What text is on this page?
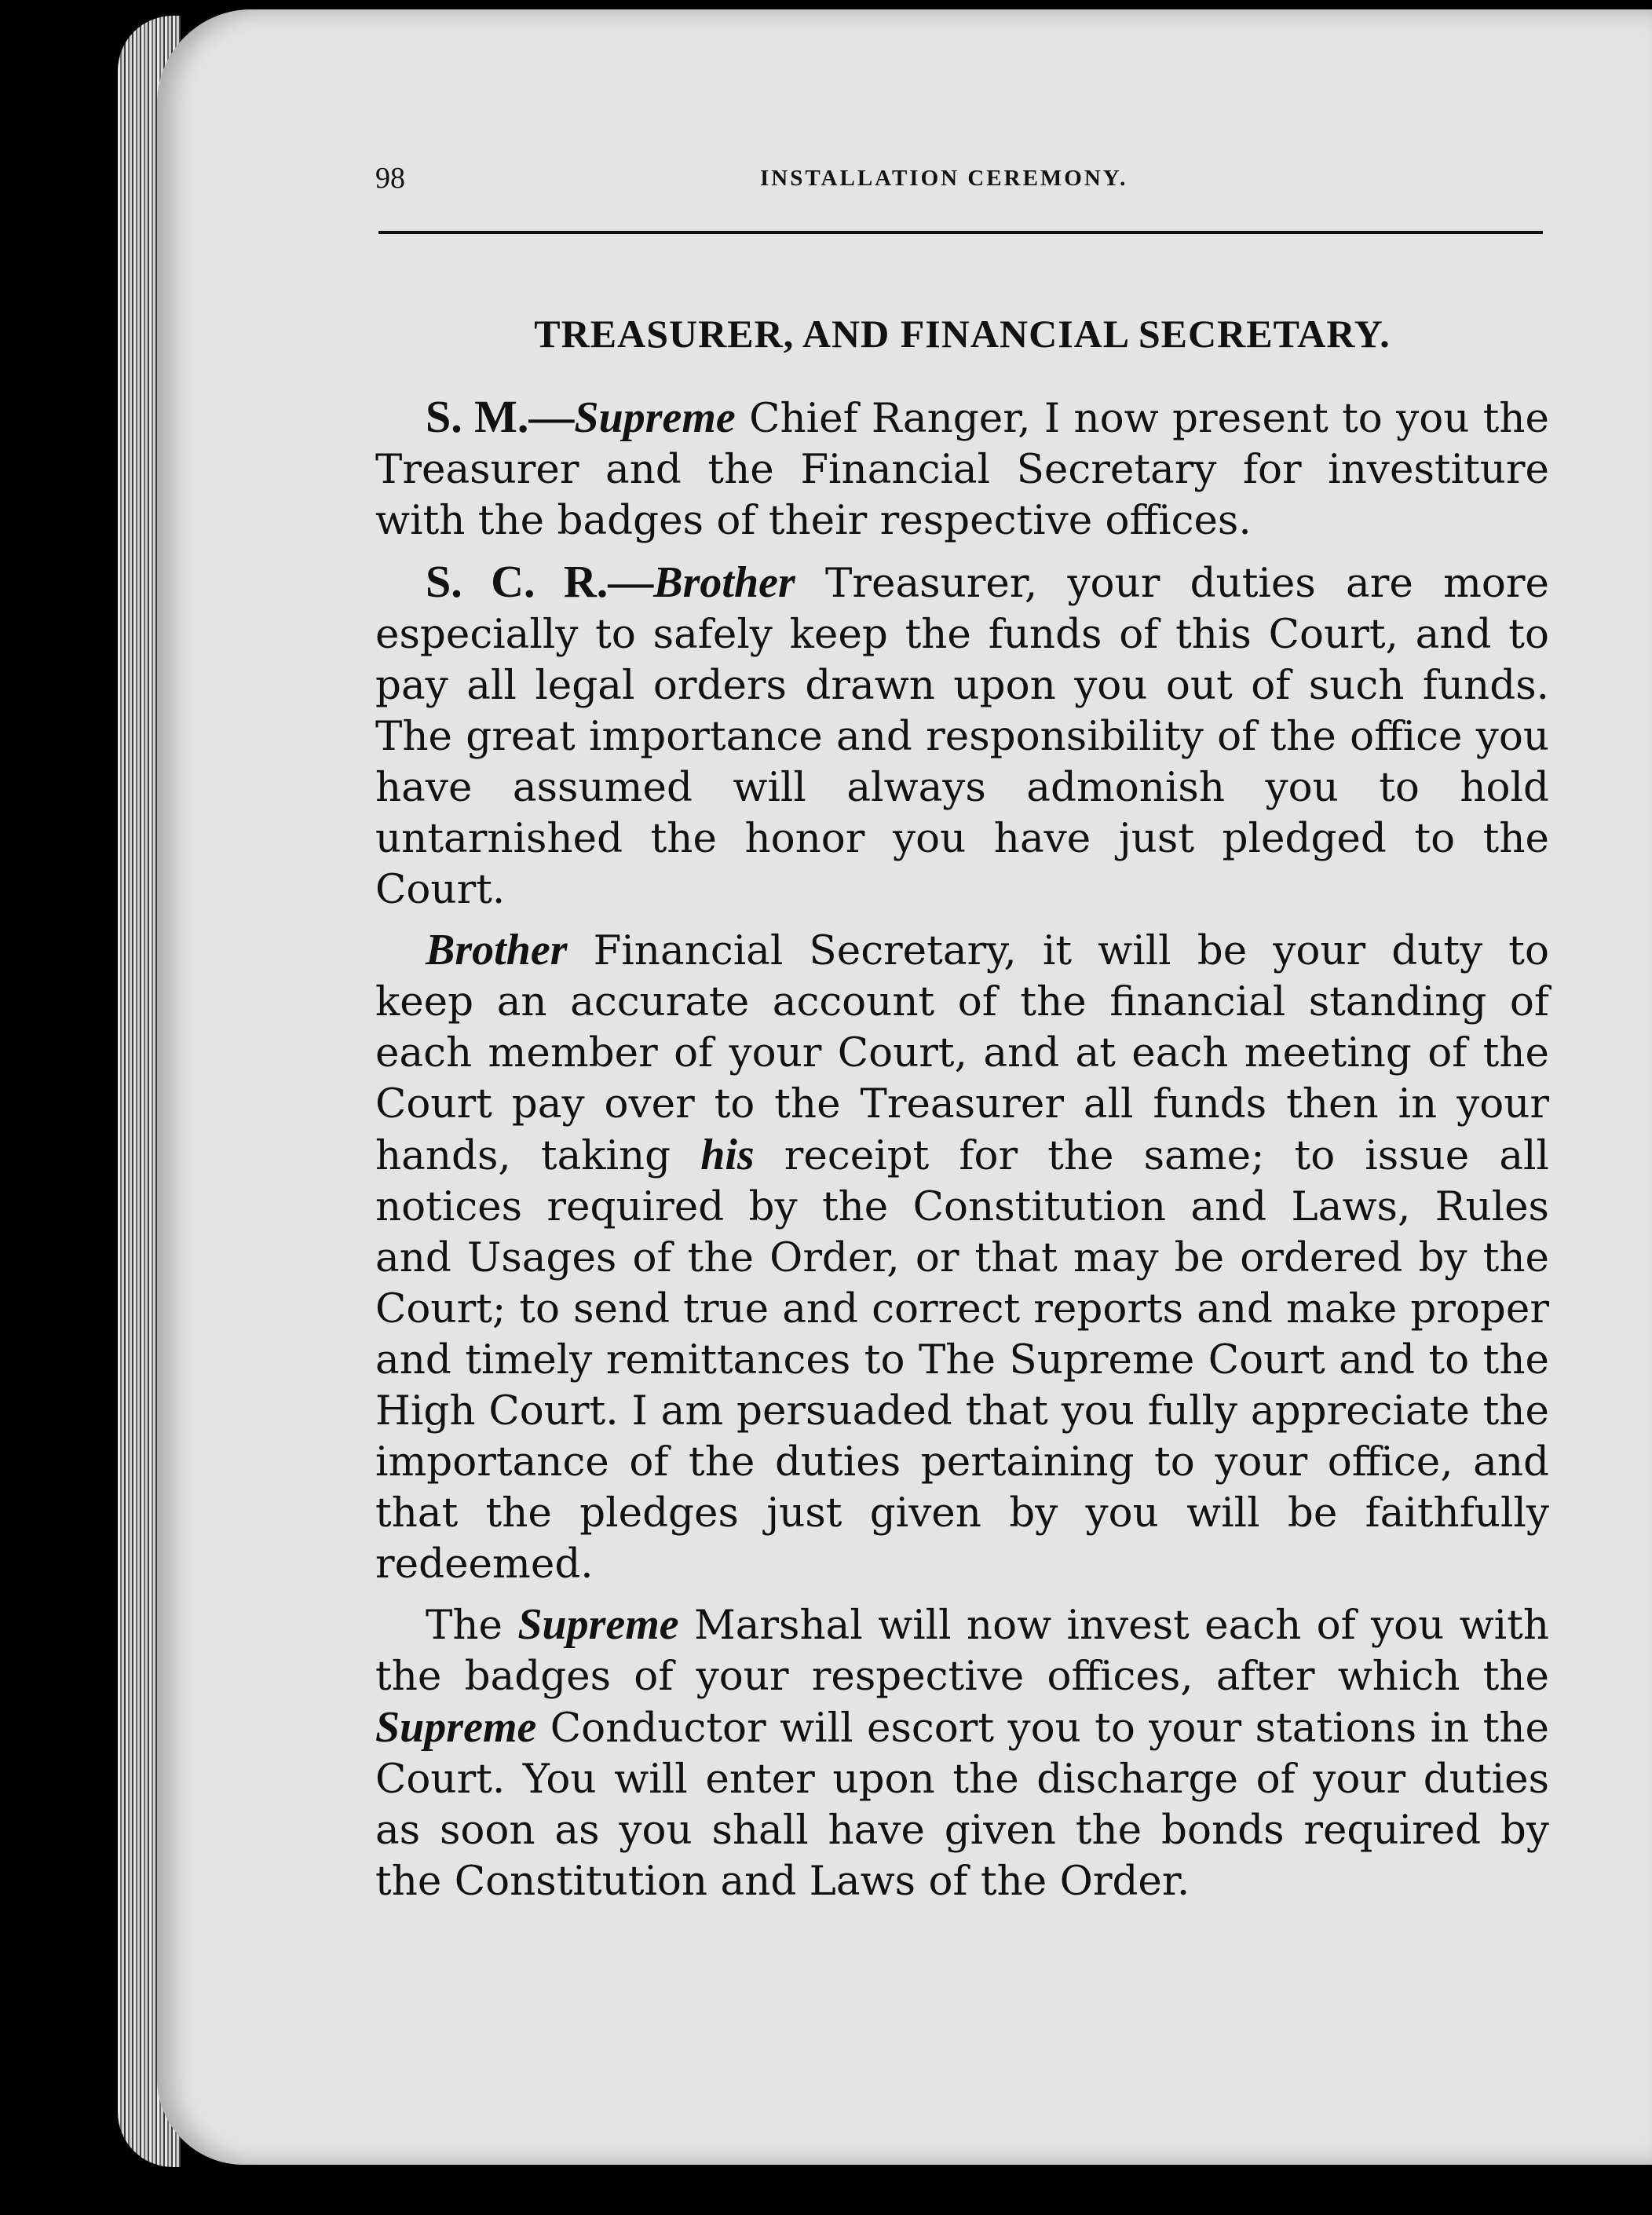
98	INSTALLATION CEREMONY.
TREASURER, AND FINANCIAL SECRETARY.

S. M.—Supreme Chief Ranger, I now present to you the Treasurer and the Financial Secretary for investiture with the badges of their respective offices.

S. C. R.—Brother Treasurer, your duties are more especially to safely keep the funds of this Court, and to pay all legal orders drawn upon you out of such funds. The great importance and responsibility of the office you have assumed will always admonish you to hold untarnished the honor you have just pledged to the Court.

Brother Financial Secretary, it will be your duty to keep an accurate account of the financial standing of each member of your Court, and at each meeting of the Court pay over to the Treasurer all funds then in your hands, taking his receipt for the same; to issue all notices required by the Constitution and Laws, Rules and Usages of the Order, or that may be ordered by the Court; to send true and correct reports and make proper and timely remittances to The Supreme Court and to the High Court. I am persuaded that you fully appreciate the importance of the duties pertaining to your office, and that the pledges just given by you will be faithfully redeemed.

The Supreme Marshal will now invest each of you with the badges of your respective offices, after which the Supreme Conductor will escort you to your stations in the Court. You will enter upon the discharge of your duties as soon as you shall have given the bonds required by the Constitution and Laws of the Order.
